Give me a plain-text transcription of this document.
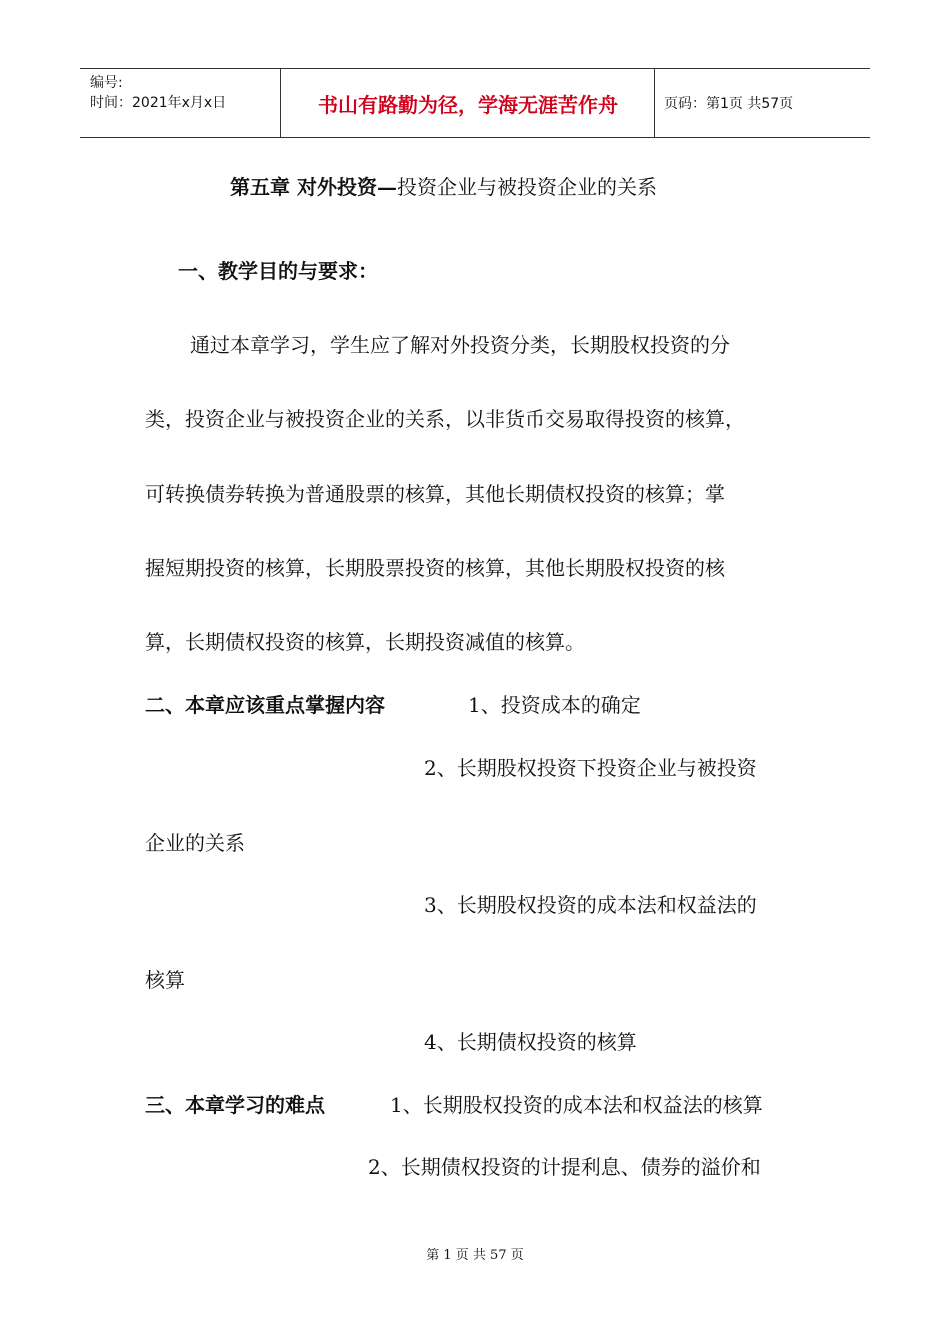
编号:
时间：2021年x月x日	书山有路勤为径，学海无涯苦作舟	页码：第1页 共57页
第五章 对外投资—投资企业与被投资企业的关系
一、教学目的与要求：
通过本章学习，学生应了解对外投资分类，长期股权投资的分
类，投资企业与被投资企业的关系，以非货币交易取得投资的核算，
可转换债券转换为普通股票的核算，其他长期债权投资的核算；掌
握短期投资的核算，长期股票投资的核算，其他长期股权投资的核
算，长期债权投资的核算，长期投资减值的核算。
二、本章应该重点掌握内容	1、投资成本的确定
2、长期股权投资下投资企业与被投资
企业的关系
3、长期股权投资的成本法和权益法的
核算
4、长期债权投资的核算
三、本章学习的难点	1、长期股权投资的成本法和权益法的核算
2、长期债权投资的计提利息、债券的溢价和
第 1 页 共 57 页
